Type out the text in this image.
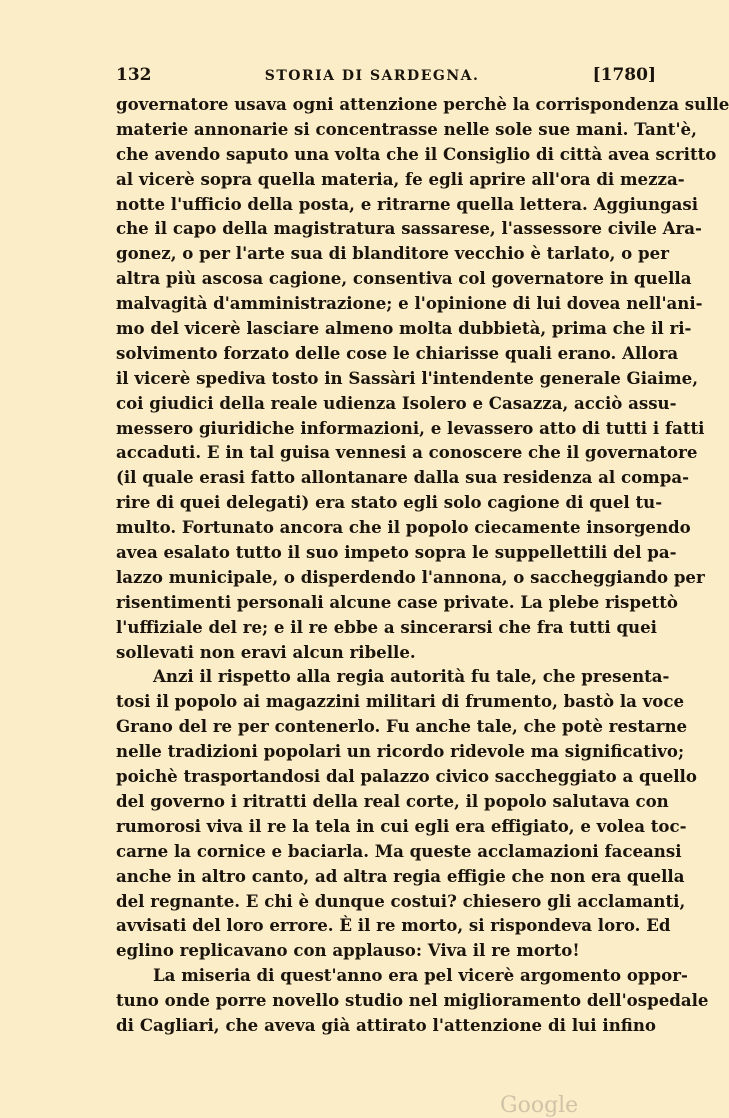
132	STORIA DI SARDEGNA.	[1780]
governatore usava ogni attenzione perchè la corrispondenza sulle
materie annonarie si concentrasse nelle sole sue mani. Tant'è,
che avendo saputo una volta che il Consiglio di città avea scritto
al vicerè sopra quella materia, fe egli aprire all'ora di mezza-
notte l'ufficio della posta, e ritrarne quella lettera. Aggiungasi
che il capo della magistratura sassarese, l'assessore civile Ara-
gonez, o per l'arte sua di blanditore vecchio è tarlato, o per
altra più ascosa cagione, consentiva col governatore in quella
malvagità d'amministrazione; e l'opinione di lui dovea nell'ani-
mo del vicerè lasciare almeno molta dubbietà, prima che il ri-
solvimento forzato delle cose le chiarisse quali erano. Allora
il vicerè spediva tosto in Sassàri l'intendente generale Giaime,
coi giudici della reale udienza Isolero e Casazza, acciò assu-
messero giuridiche informazioni, e levassero atto di tutti i fatti
accaduti. E in tal guisa vennesi a conoscere che il governatore
(il quale erasi fatto allontanare dalla sua residenza al compa-
rire di quei delegati) era stato egli solo cagione di quel tu-
multo. Fortunato ancora che il popolo ciecamente insorgendo
avea esalato tutto il suo impeto sopra le suppellettili del pa-
lazzo municipale, o disperdendo l'annona, o saccheggiando per
risentimenti personali alcune case private. La plebe rispettò
l'uffiziale del re; e il re ebbe a sincerarsi che fra tutti quei
sollevati non eravi alcun ribelle.
Anzi il rispetto alla regia autorità fu tale, che presenta-
tosi il popolo ai magazzini militari di frumento, bastò la voce
Grano del re per contenerlo. Fu anche tale, che potè restarne
nelle tradizioni popolari un ricordo ridevole ma significativo;
poichè trasportandosi dal palazzo civico saccheggiato a quello
del governo i ritratti della real corte, il popolo salutava con
rumorosi viva il re la tela in cui egli era effigiato, e volea toc-
carne la cornice e baciarla. Ma queste acclamazioni faceansi
anche in altro canto, ad altra regia effigie che non era quella
del regnante. E chi è dunque costui? chiesero gli acclamanti,
avvisati del loro errore. È il re morto, si rispondeva loro. Ed
eglino replicavano con applauso: Viva il re morto!
La miseria di quest'anno era pel vicerè argomento oppor-
tuno onde porre novello studio nel miglioramento dell'ospedale
di Cagliari, che aveva già attirato l'attenzione di lui infino
Google
